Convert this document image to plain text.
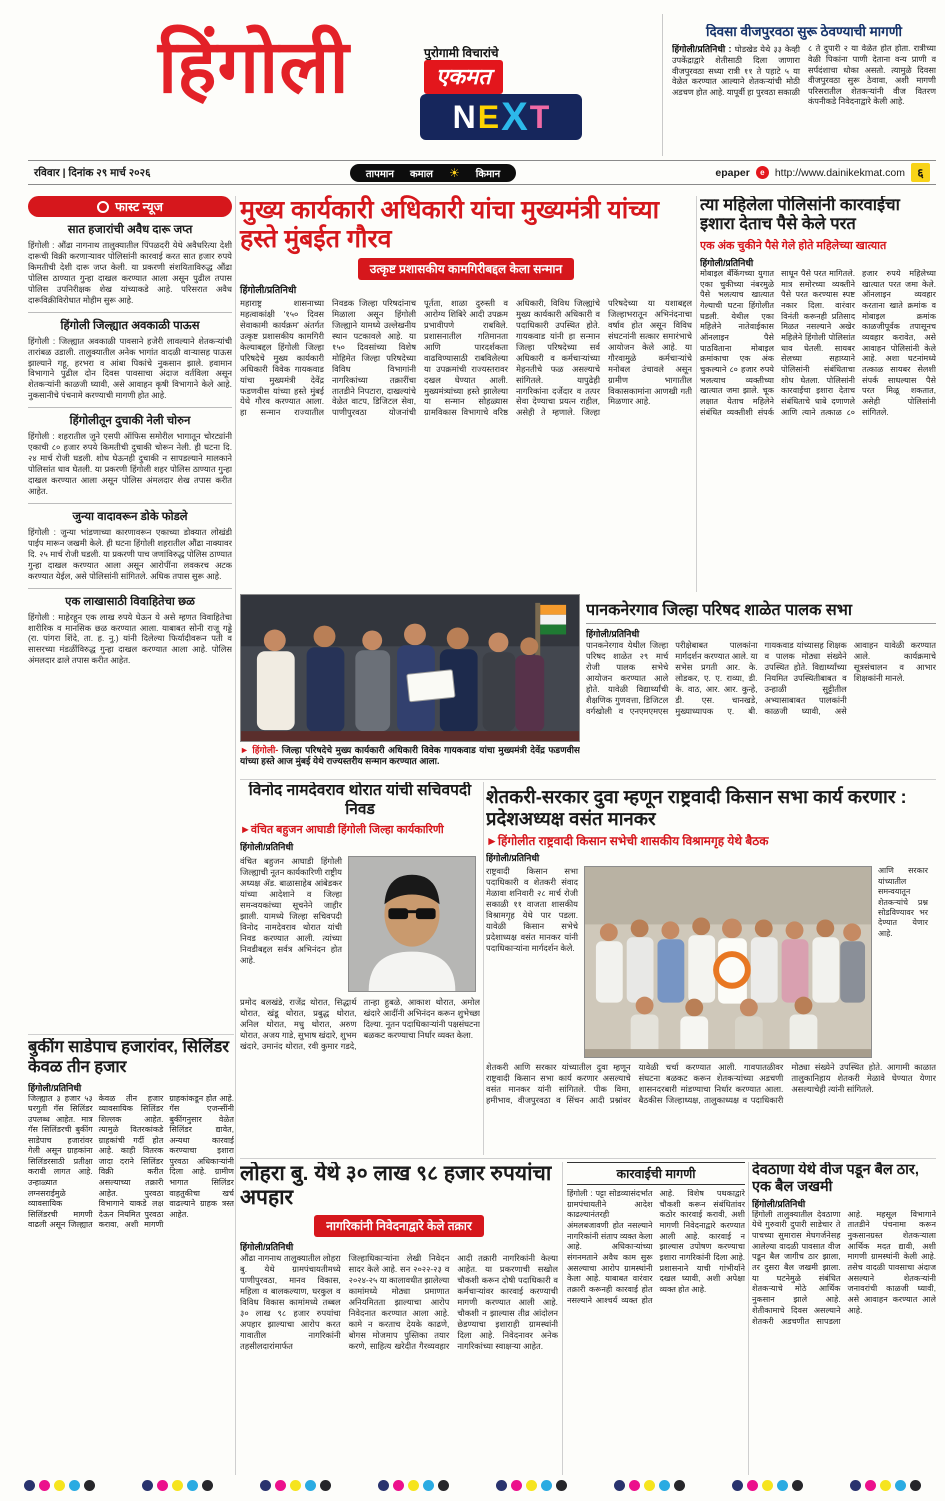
हिंगोली	पुरोगामी विचारांचे
एकमत
N E X T
दिवसा वीजपुरवठा सुरू ठेवण्याची मागणी
हिंगोली/प्रतिनिधी : घोडखेड येथे ३३ केव्ही उपकेंद्राद्वारे शेतीसाठी दिला जाणारा वीजपुरवठा सध्या रात्री ११ ते पहाटे ५ या वेळेत करण्यात आल्याने शेतकऱ्यांची मोठी अडचण होत आहे. यापूर्वी हा पुरवठा सकाळी ८ ते दुपारी २ या वेळेत होत होता. रात्रीच्या वेळी पिकांना पाणी देताना वन्य प्राणी व सर्पदंशाचा धोका असतो. त्यामुळे दिवसा वीजपुरवठा सुरू ठेवावा, अशी मागणी परिसरातील शेतकऱ्यांनी वीज वितरण कंपनीकडे निवेदनाद्वारे केली आहे.
रविवार | दिनांक २९ मार्च २०२६	तापमान कमाल ☀ किमान	epaper	e http://www.dainikekmat.com	६
फास्ट न्यूज
सात हजारांची अवैध दारू जप्त
हिंगोली : औंढा नागनाथ तालुक्यातील पिंपळदरी येथे अवैधरित्या देशी दारूची विक्री करणाऱ्यावर पोलिसांनी कारवाई करत सात हजार रुपये किमतीची देशी दारू जप्त केली. या प्रकरणी संशयिताविरुद्ध औंढा पोलिस ठाण्यात गुन्हा दाखल करण्यात आला असून पुढील तपास पोलिस उपनिरीक्षक शेख यांच्याकडे आहे. परिसरात अवैध दारूविक्रीविरोधात मोहीम सुरू आहे.
हिंगोली जिल्ह्यात अवकाळी पाऊस
हिंगोली : जिल्ह्यात अवकाळी पावसाने हजेरी लावल्याने शेतकऱ्यांची तारांबळ उडाली. तालुक्यातील अनेक भागांत वादळी वाऱ्यासह पाऊस झाल्याने गहू, हरभरा व आंबा पिकांचे नुकसान झाले. हवामान विभागाने पुढील दोन दिवस पावसाचा अंदाज वर्तविला असून शेतकऱ्यांनी काळजी घ्यावी, असे आवाहन कृषी विभागाने केले आहे. नुकसानीचे पंचनामे करण्याची मागणी होत आहे.
हिंगोलीतून दुचाकी नेली चोरुन
हिंगोली : शहरातील जुने एसपी ऑफिस समोरील भागातून चोरट्यांनी एकाची ८० हजार रुपये किमतीची दुचाकी चोरून नेली. ही घटना दि. २४ मार्च रोजी घडली. शोध घेऊनही दुचाकी न सापडल्याने मालकाने पोलिसांत धाव घेतली. या प्रकरणी हिंगोली शहर पोलिस ठाण्यात गुन्हा दाखल करण्यात आला असून पोलिस अंमलदार शेख तपास करीत आहेत.
जुन्या वादावरून डोके फोडले
हिंगोली : जुन्या भांडणाच्या कारणावरून एकाच्या डोक्यात लोखंडी पाईप मारून जखमी केले. ही घटना हिंगोली शहरातील औंढा नाक्यावर दि. २५ मार्च रोजी घडली. या प्रकरणी पाच जणांविरुद्ध पोलिस ठाण्यात गुन्हा दाखल करण्यात आला असून आरोपींना लवकरच अटक करण्यात येईल, असे पोलिसांनी सांगितले. अधिक तपास सुरू आहे.
एक लाखासाठी विवाहितेचा छळ
हिंगोली : माहेरहून एक लाख रुपये घेऊन ये असे म्हणत विवाहितेचा शारीरिक व मानसिक छळ करण्यात आला. याबाबत सोनी राजू गड्डे (रा. पांगरा शिंदे, ता. ह. नु.) यांनी दिलेल्या फिर्यादीवरून पती व सासरच्या मंडळींविरुद्ध गुन्हा दाखल करण्यात आला आहे. पोलिस अंमलदार ढाले तपास करीत आहेत.
मुख्य कार्यकारी अधिकारी यांचा मुख्यमंत्री यांच्या हस्ते मुंबईत गौरव
उत्कृष्ट प्रशासकीय कामगिरीबद्दल केला सन्मान
हिंगोली/प्रतिनिधी
महाराष्ट्र शासनाच्या महत्वाकांक्षी '१५० दिवस सेवाकामी कार्यक्रम' अंतर्गत उत्कृष्ट प्रशासकीय कामगिरी केल्याबद्दल हिंगोली जिल्हा परिषदेचे मुख्य कार्यकारी अधिकारी विवेक गायकवाड यांचा मुख्यमंत्री देवेंद्र फडणवीस यांच्या हस्ते मुंबई येथे गौरव करण्यात आला. हा सन्मान राज्यातील निवडक जिल्हा परिषदांनाच मिळाला असून हिंगोली जिल्ह्याने यामध्ये उल्लेखनीय स्थान पटकावले आहे. या १५० दिवसांच्या विशेष मोहिमेत जिल्हा परिषदेच्या विविध विभागांनी नागरिकांच्या तक्रारींचा तातडीने निपटारा, दाखल्यांचे वेळेत वाटप, डिजिटल सेवा, पाणीपुरवठा योजनांची पूर्तता, शाळा दुरुस्ती व आरोग्य शिबिरे आदी उपक्रम प्रभावीपणे राबविले. प्रशासनातील गतिमानता आणि पारदर्शकता वाढविण्यासाठी राबविलेल्या या उपक्रमांची राज्यस्तरावर दखल घेण्यात आली. मुख्यमंत्र्यांच्या हस्ते झालेल्या या सन्मान सोहळ्यास ग्रामविकास विभागाचे वरिष्ठ अधिकारी, विविध जिल्ह्यांचे मुख्य कार्यकारी अधिकारी व पदाधिकारी उपस्थित होते. गायकवाड यांनी हा सन्मान जिल्हा परिषदेच्या सर्व अधिकारी व कर्मचाऱ्यांच्या मेहनतीचे फळ असल्याचे सांगितले. यापुढेही नागरिकांना दर्जेदार व तत्पर सेवा देण्याचा प्रयत्न राहील, असेही ते म्हणाले. जिल्हा परिषदेच्या या यशाबद्दल जिल्हाभरातून अभिनंदनाचा वर्षाव होत असून विविध संघटनांनी सत्कार समारंभाचे आयोजन केले आहे. या गौरवामुळे कर्मचाऱ्यांचे मनोबल उंचावले असून ग्रामीण भागातील विकासकामांना आणखी गती मिळणार आहे.
► हिंगोली- जिल्हा परिषदेचे मुख्य कार्यकारी अधिकारी विवेक गायकवाड यांचा मुख्यमंत्री देवेंद्र फडणवीस यांच्या हस्ते आज मुंबई येथे राज्यस्तरीय सन्मान करण्यात आला.
त्या महिलेला पोलिसांनी कारवाईचा इशारा देताच पैसे केले परत
एक अंक चुकीने पैसे गेले होते महिलेच्या खात्यात
हिंगोली/प्रतिनिधी
मोबाइल बँकिंगच्या युगात एका चुकीच्या नंबरमुळे पैसे भलत्याच खात्यात गेल्याची घटना हिंगोलीत घडली. येथील एका महिलेने नातेवाईकास ऑनलाइन पैसे पाठविताना मोबाइल क्रमांकाचा एक अंक चुकल्याने ८० हजार रुपये भलत्याच व्यक्तीच्या खात्यात जमा झाले. चूक लक्षात येताच महिलेने संबंधित व्यक्तीशी संपर्क साधून पैसे परत मागितले. मात्र समोरच्या व्यक्तीने पैसे परत करण्यास स्पष्ट नकार दिला. वारंवार विनंती करूनही प्रतिसाद मिळत नसल्याने अखेर महिलेने हिंगोली पोलिसांत धाव घेतली. सायबर सेलच्या सहाय्याने पोलिसांनी संबंधिताचा शोध घेतला. पोलिसांनी कारवाईचा इशारा देताच संबंधिताचे धाबे दणाणले आणि त्याने तत्काळ ८० हजार रुपये महिलेच्या खात्यात परत जमा केले. ऑनलाइन व्यवहार करताना खाते क्रमांक व मोबाइल क्रमांक काळजीपूर्वक तपासूनच व्यवहार करावेत, असे आवाहन पोलिसांनी केले आहे. अशा घटनांमध्ये तत्काळ सायबर सेलशी संपर्क साधल्यास पैसे परत मिळू शकतात, असेही पोलिसांनी सांगितले.
पानकनेरगाव जिल्हा परिषद शाळेत पालक सभा
हिंगोली/प्रतिनिधी
पानकनेरगाव येथील जिल्हा परिषद शाळेत २९ मार्च रोजी पालक सभेचे आयोजन करण्यात आले होते. यावेळी विद्यार्थ्यांची शैक्षणिक गुणवत्ता, डिजिटल वर्गखोली व एनएमएमएस परीक्षेबाबत पालकांना मार्गदर्शन करण्यात आले. या सभेस प्रगती आर. के. लोडकर, ए. ए. राव्या, डी. के. वाठ, आर. आर. कुन्हे, डी. एस. चानखडे, मुख्याध्यापक ए. बी. गायकवाड यांच्यासह शिक्षक व पालक मोठ्या संख्येने उपस्थित होते. विद्यार्थ्यांच्या नियमित उपस्थितीबाबत व उन्हाळी सुट्टीतील अभ्यासाबाबत पालकांनी काळजी घ्यावी, असे आवाहन यावेळी करण्यात आले. कार्यक्रमाचे सूत्रसंचालन व आभार शिक्षकांनी मानले.
विनोद नामदेवराव थोरात यांची सचिवपदी निवड
►वंचित बहुजन आघाडी हिंगोली जिल्हा कार्यकारिणी
हिंगोली/प्रतिनिधी
वंचित बहुजन आघाडी हिंगोली जिल्ह्याची नूतन कार्यकारिणी राष्ट्रीय अध्यक्ष ॲड. बाळासाहेब आंबेडकर यांच्या आदेशाने व जिल्हा समन्वयकांच्या सूचनेने जाहीर झाली. यामध्ये जिल्हा सचिवपदी विनोद नामदेवराव थोरात यांची निवड करण्यात आली. त्यांच्या निवडीबद्दल सर्वत्र अभिनंदन होत आहे.
प्रमोद बलखंडे, राजेंद्र थोरात, सिद्धार्थ थोरात, खंडू थोरात, प्रबुद्ध थोरात, अनिल थोरात, मधु थोरात, अरुण थोरात, अजय गाडे, सुभाष खंदारे, शुभम खंदारे, उमानंद थोरात, रवी कुमार गडदे, तान्हा हुबळे, आकाश थोरात, अमोल खंदारे आदींनी अभिनंदन करून शुभेच्छा दिल्या. नूतन पदाधिकाऱ्यांनी पक्षसंघटना बळकट करण्याचा निर्धार व्यक्त केला.
शेतकरी-सरकार दुवा म्हणून राष्ट्रवादी किसान सभा कार्य करणार : प्रदेशअध्यक्ष वसंत मानकर
►हिंगोलीत राष्ट्रवादी किसान सभेची शासकीय विश्रामगृह येथे बैठक
हिंगोली/प्रतिनिधी
राष्ट्रवादी किसान सभा पदाधिकारी व शेतकरी संवाद मेळावा शनिवारी २८ मार्च रोजी सकाळी ११ वाजता शासकीय विश्रामगृह येथे पार पडला. यावेळी किसान सभेचे प्रदेशाध्यक्ष वसंत मानकर यांनी पदाधिकाऱ्यांना मार्गदर्शन केले.
आणि सरकार यांच्यातील समन्वयातून शेतकऱ्यांचे प्रश्न सोडविण्यावर भर देण्यात येणार आहे.
शेतकरी आणि सरकार यांच्यातील दुवा म्हणून राष्ट्रवादी किसान सभा कार्य करणार असल्याचे वसंत मानकर यांनी सांगितले. पीक विमा, हमीभाव, वीजपुरवठा व सिंचन आदी प्रश्नांवर यावेळी चर्चा करण्यात आली. गावपातळीवर संघटना बळकट करून शेतकऱ्यांच्या अडचणी शासनदरबारी मांडण्याचा निर्धार करण्यात आला. बैठकीस जिल्हाध्यक्ष, तालुकाध्यक्ष व पदाधिकारी मोठ्या संख्येने उपस्थित होते. आगामी काळात तालुकानिहाय शेतकरी मेळावे घेण्यात येणार असल्याचेही त्यांनी सांगितले.
बुकींग साडेपाच हजारांवर, सिलिंडर केवळ तीन हजार
हिंगोली/प्रतिनिधी
जिल्ह्यात ३ हजार ५३ घरगुती गॅस सिलिंडर उपलब्ध आहेत. मात्र गॅस सिलिंडरची बुकींग साडेपाच हजारांवर गेली असून ग्राहकांना सिलिंडरसाठी प्रतीक्षा करावी लागत आहे. उन्हाळ्यात लग्नसराईमुळे व्यावसायिक सिलिंडरची मागणी वाढली असून जिल्ह्यात केवळ तीन हजार व्यावसायिक सिलिंडर शिल्लक आहेत. त्यामुळे वितरकांकडे ग्राहकांची गर्दी होत आहे. काही वितरक जादा दराने सिलिंडर विक्री करीत असल्याच्या तक्रारी आहेत. पुरवठा विभागाने याकडे लक्ष देऊन नियमित पुरवठा करावा, अशी मागणी ग्राहकांकडून होत आहे. गॅस एजन्सींनी बुकींगनुसार वेळेत सिलिंडर द्यावेत, अन्यथा कारवाई करण्याचा इशारा पुरवठा अधिकाऱ्यांनी दिला आहे. ग्रामीण भागात सिलिंडर वाहतुकीचा खर्च वाढल्याने ग्राहक त्रस्त आहेत.
लोहरा बु. येथे ३० लाख ९८ हजार रुपयांचा अपहार
नागरिकांनी निवेदनाद्वारे केले तक्रार
हिंगोली/प्रतिनिधी
औंढा नागनाथ तालुक्यातील लोहरा बु. येथे ग्रामपंचायतीमध्ये पाणीपुरवठा, मानव विकास, महिला व बालकल्याण, घरकुल व विविध विकास कामांमध्ये तब्बल ३० लाख ९८ हजार रुपयांचा अपहार झाल्याचा आरोप करत गावातील नागरिकांनी तहसीलदारांमार्फत जिल्हाधिकाऱ्यांना लेखी निवेदन सादर केले आहे. सन २०२२-२३ व २०२४-२५ या कालावधीत झालेल्या कामांमध्ये मोठ्या प्रमाणात अनियमितता झाल्याचा आरोप निवेदनात करण्यात आला आहे. कामे न करताच देयके काढणे, बोगस मोजमाप पुस्तिका तयार करणे, साहित्य खरेदीत गैरव्यवहार आदी तक्रारी नागरिकांनी केल्या आहेत. या प्रकरणाची सखोल चौकशी करून दोषी पदाधिकारी व कर्मचाऱ्यांवर कारवाई करण्याची मागणी करण्यात आली आहे. चौकशी न झाल्यास तीव्र आंदोलन छेडण्याचा इशाराही ग्रामस्थांनी दिला आहे. निवेदनावर अनेक नागरिकांच्या स्वाक्षऱ्या आहेत.
कारवाईची मागणी
हिंगोली : पट्टा सोडव्यासंदर्भात ग्रामपंचायतीने आदेश काढल्यानंतरही अंमलबजावणी होत नसल्याने नागरिकांनी संताप व्यक्त केला आहे. अधिकाऱ्यांच्या संगनमताने अवैध काम सुरू असल्याचा आरोप ग्रामस्थांनी केला आहे. याबाबत वारंवार तक्रारी करूनही कारवाई होत नसल्याने आश्चर्य व्यक्त होत आहे. विशेष पथकाद्वारे चौकशी करून संबंधितांवर कठोर कारवाई करावी, अशी मागणी निवेदनाद्वारे करण्यात आली आहे. कारवाई न झाल्यास उपोषण करण्याचा इशारा नागरिकांनी दिला आहे. प्रशासनाने याची गांभीर्याने दखल घ्यावी, अशी अपेक्षा व्यक्त होत आहे.
देवठाणा येथे वीज पडून बैल ठार, एक बैल जखमी
हिंगोली/प्रतिनिधी
हिंगोली तालुक्यातील देवठाणा येथे गुरुवारी दुपारी साडेचार ते पाचच्या सुमारास मेघगर्जनेसह आलेल्या वादळी पावसात वीज पडून बैल जागीच ठार झाला, तर दुसरा बैल जखमी झाला. या घटनेमुळे संबंधित शेतकऱ्याचे मोठे आर्थिक नुकसान झाले आहे. शेतीकामाचे दिवस असल्याने शेतकरी अडचणीत सापडला आहे. महसूल विभागाने तातडीने पंचनामा करून नुकसानग्रस्त शेतकऱ्याला आर्थिक मदत द्यावी, अशी मागणी ग्रामस्थांनी केली आहे. तसेच वादळी पावसाचा अंदाज असल्याने शेतकऱ्यांनी जनावरांची काळजी घ्यावी, असे आवाहन करण्यात आले आहे.
